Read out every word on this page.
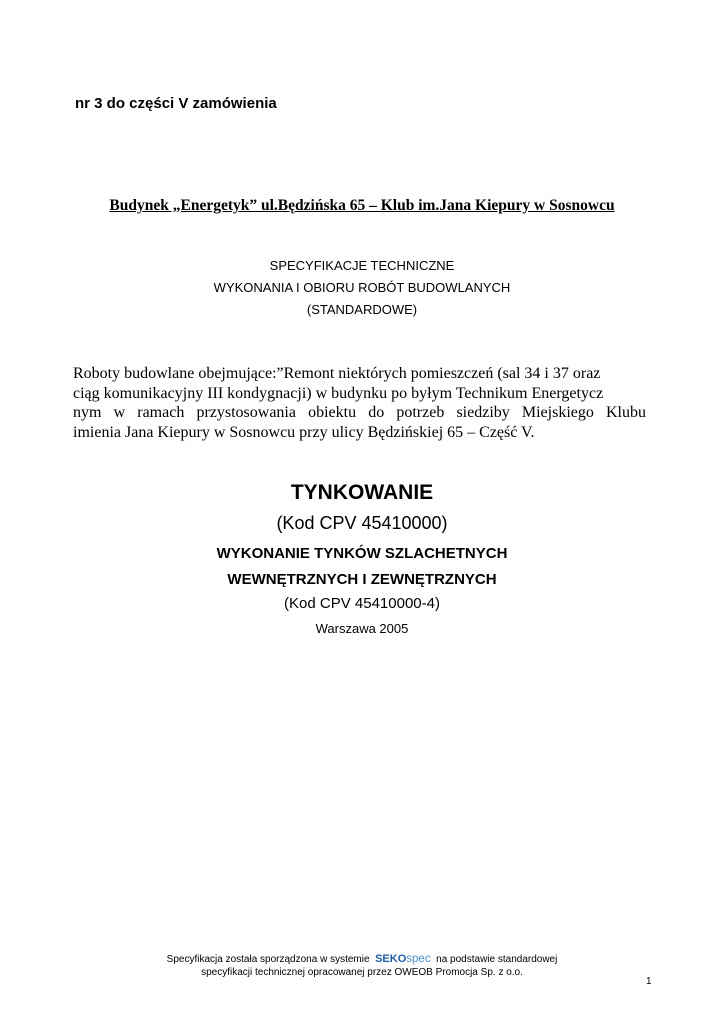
nr 3 do części V zamówienia
Budynek „Energetyk” ul.Będzińska 65 – Klub im.Jana Kiepury w Sosnowcu
SPECYFIKACJE TECHNICZNE
WYKONANIA I OBIORU ROBÓT BUDOWLANYCH
(STANDARDOWE)
Roboty budowlane obejmujące:”Remont niektórych pomieszczeń (sal 34 i 37 oraz
ciąg komunikacyjny III kondygnacji) w budynku po byłym Technikum Energetycz
nym w ramach przystosowania obiektu do potrzeb siedziby Miejskiego Klubu
imienia Jana Kiepury w Sosnowcu przy ulicy Będzińskiej 65 – Część V.
TYNKOWANIE
(Kod CPV 45410000)
WYKONANIE TYNKÓW SZLACHETNYCH
WEWNĘTRZNYCH I ZEWNĘTRZNYCH
(Kod CPV 45410000-4)
Warszawa 2005
Specyfikacja została sporządzona w systemie SEKOspec na podstawie standardowej
specyfikacji technicznej opracowanej przez OWEOB Promocja Sp. z o.o.
1
